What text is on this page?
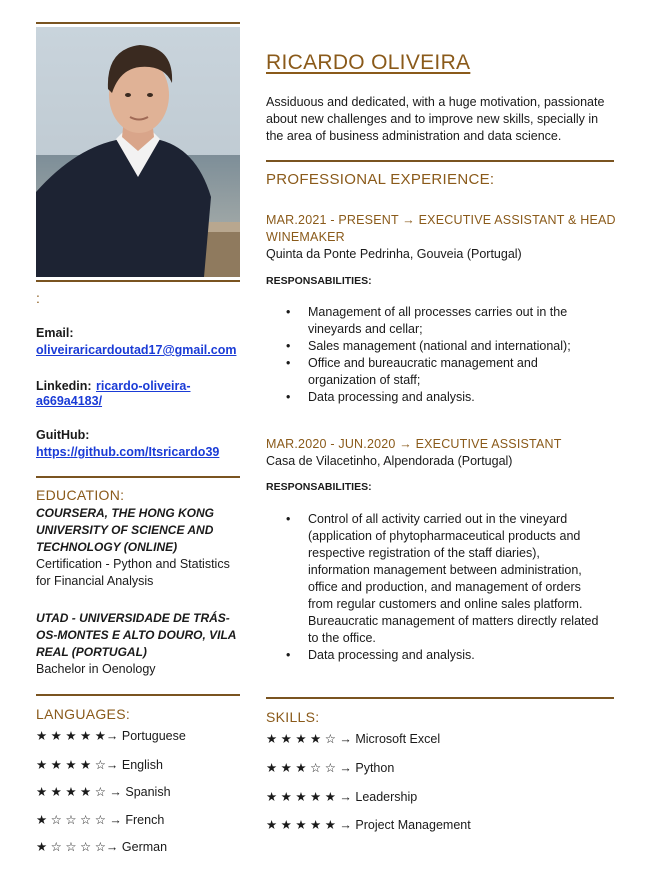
:
Email:
oliveiraricardoutad17@gmail.com
Linkedin: ricardo-oliveira-
a669a4183/
GuitHub:
https://github.com/Itsricardo39
EDUCATION:
COURSERA, THE HONG KONG
UNIVERSITY OF SCIENCE AND
TECHNOLOGY (ONLINE)
Certification - Python and Statistics
for Financial Analysis
UTAD - UNIVERSIDADE DE TRÁS-
OS-MONTES E ALTO DOURO, VILA
REAL (PORTUGAL)
Bachelor in Oenology
LANGUAGES:
★ ★ ★ ★ ★→ Portuguese
★ ★ ★ ★ ☆→ English
★ ★ ★ ★ ☆ → Spanish
★ ☆ ☆ ☆ ☆ → French
★ ☆ ☆ ☆ ☆→ German
RICARDO OLIVEIRA
Assiduous and dedicated, with a huge motivation, passionate about new challenges and to improve new skills, specially in the area of business administration and data science.
PROFESSIONAL EXPERIENCE:
MAR.2021 - PRESENT → EXECUTIVE ASSISTANT & HEAD
WINEMAKER
Quinta da Ponte Pedrinha, Gouveia (Portugal)
RESPONSABILITIES:
• Management of all processes carries out in the
vineyards and cellar;
• Sales management (national and international);
• Office and bureaucratic management and
organization of staff;
• Data processing and analysis.
MAR.2020 - JUN.2020 → EXECUTIVE ASSISTANT
Casa de Vilacetinho, Alpendorada (Portugal)
RESPONSABILITIES:
• Control of all activity carried out in the vineyard
(application of phytopharmaceutical products and
respective registration of the staff diaries),
information management between administration,
office and production, and management of orders
from regular customers and online sales platform.
Bureaucratic management of matters directly related
to the office.
• Data processing and analysis.
SKILLS:
★ ★ ★ ★ ☆ → Microsoft Excel
★ ★ ★ ☆ ☆ → Python
★ ★ ★ ★ ★ → Leadership
★ ★ ★ ★ ★ → Project Management
